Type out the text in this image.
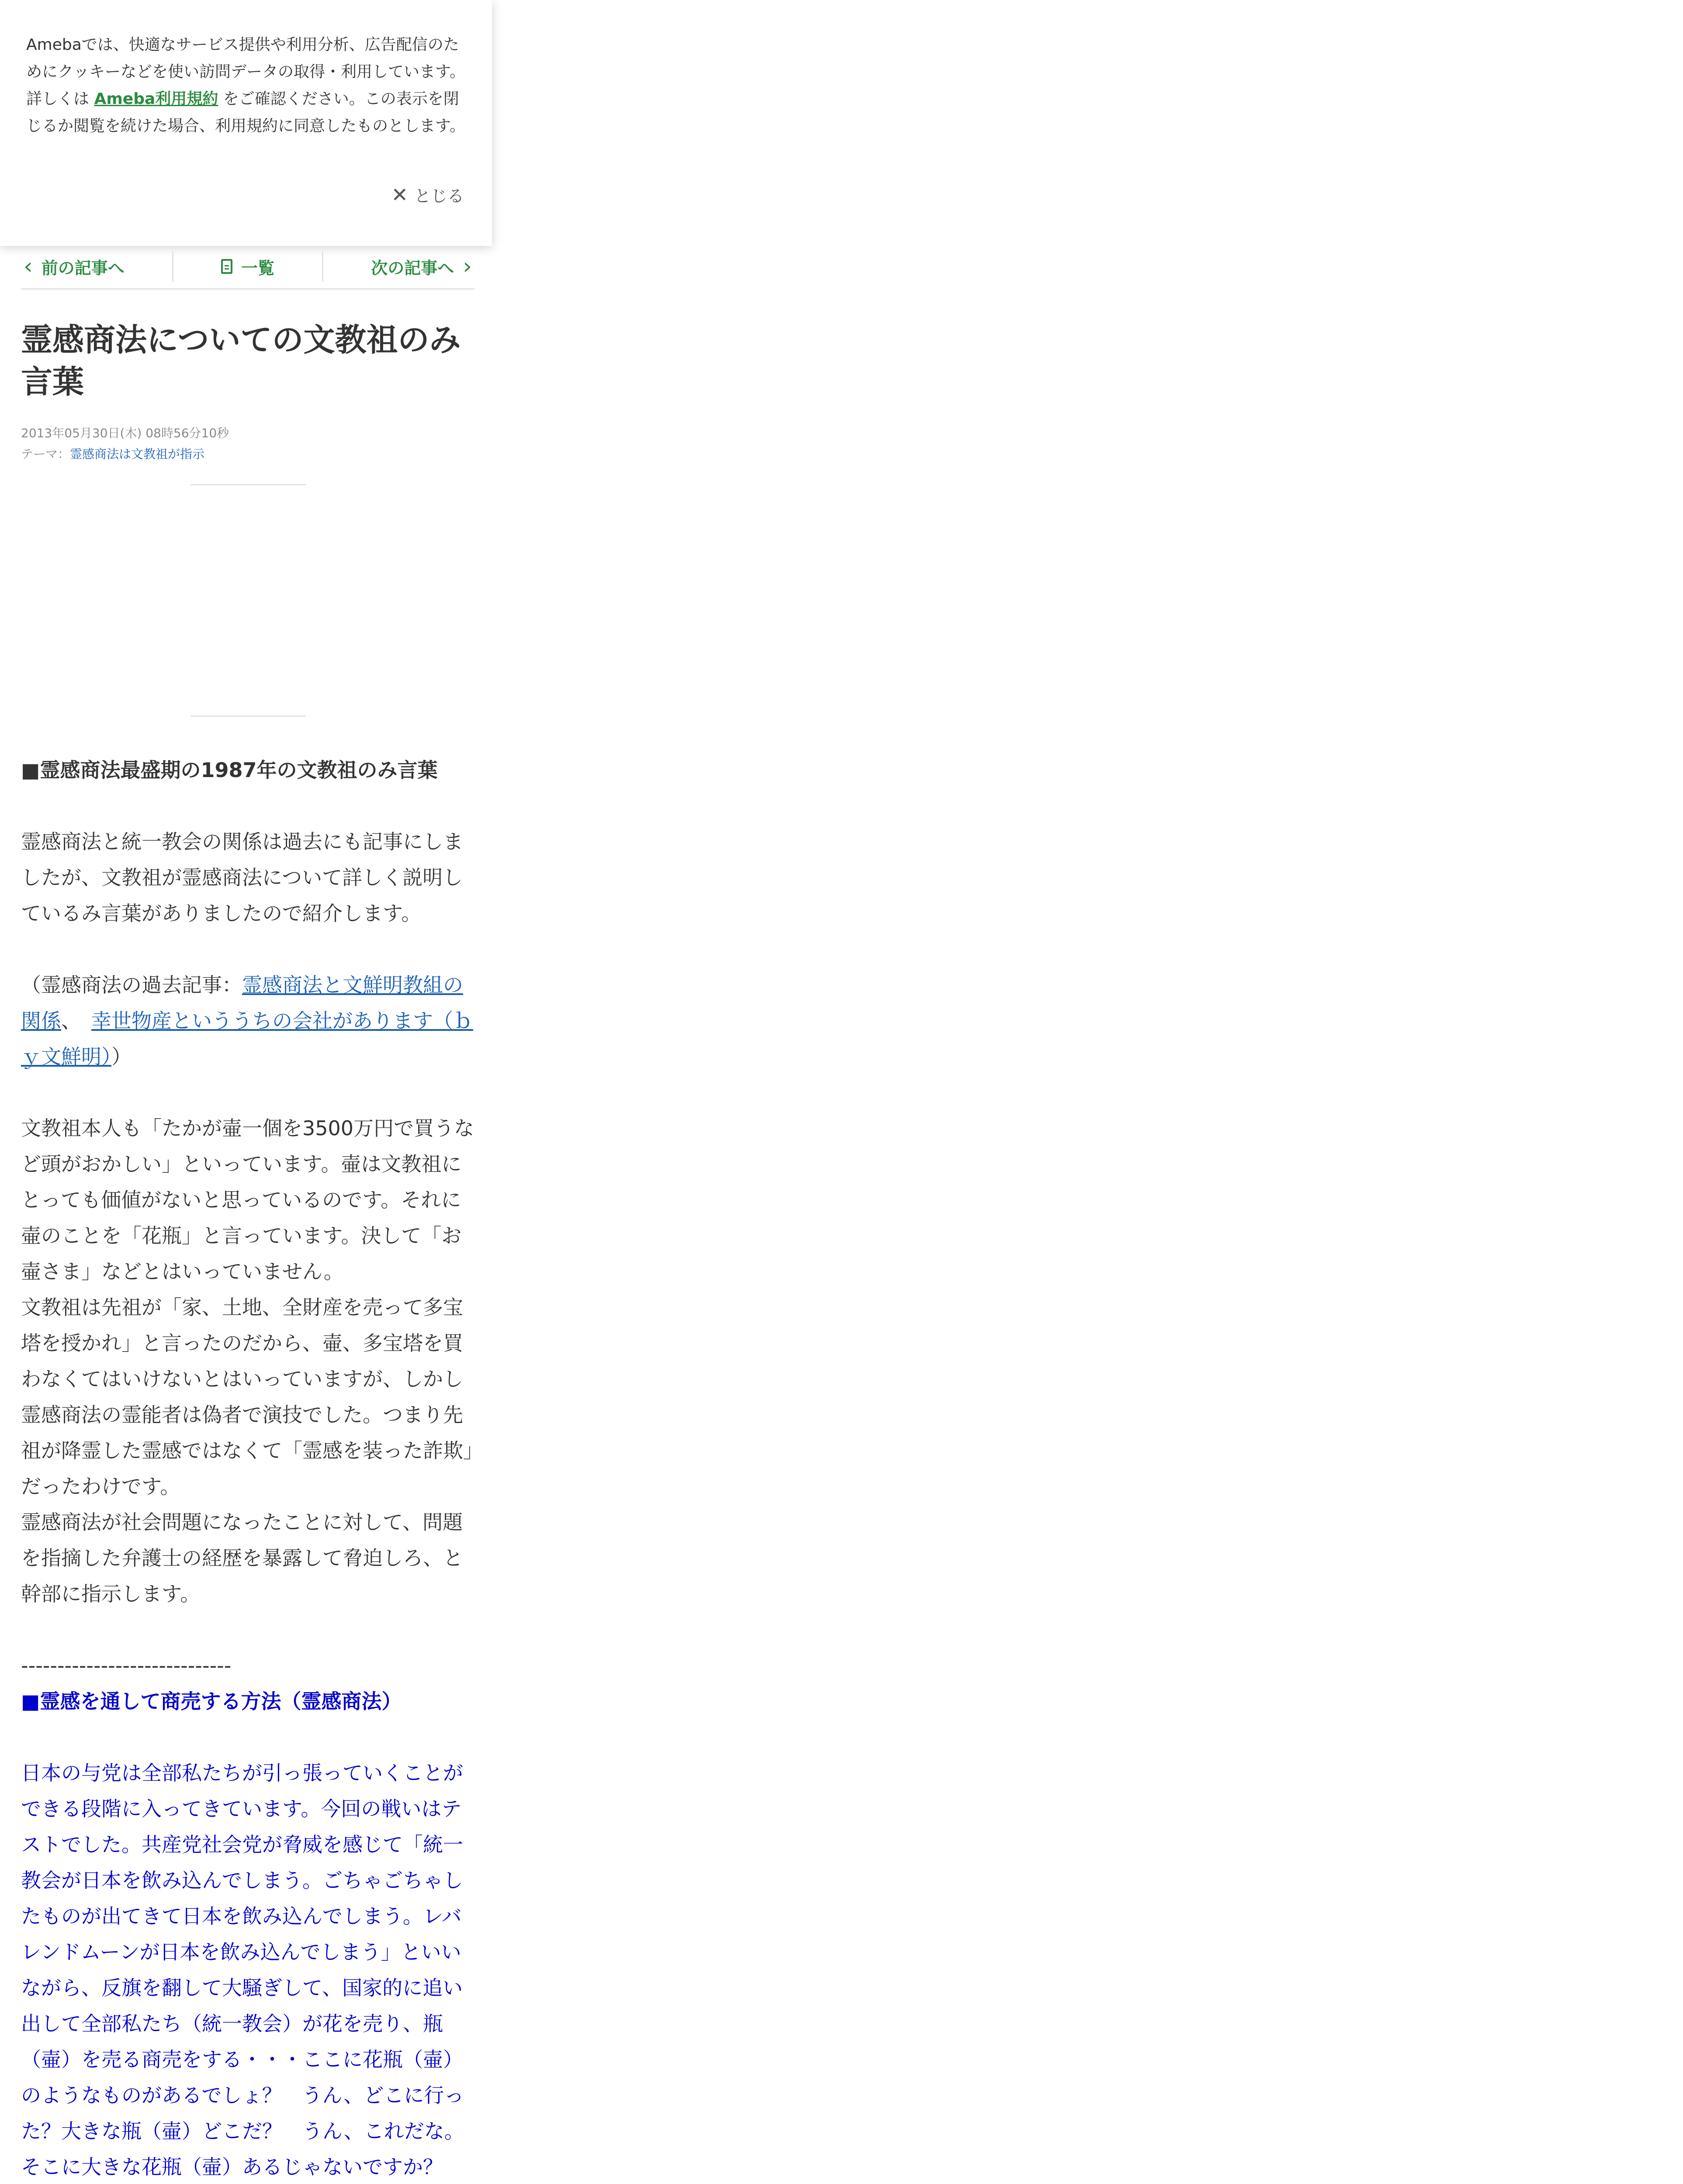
Amebaでは、快適なサービス提供や利用分析、広告配信のためにクッキーなどを使い訪問データの取得・利用しています。詳しくは Ameba利用規約 をご確認ください。この表示を閉じるか閲覧を続けた場合、利用規約に同意したものとします。
✕ とじる
‹ 前の記事へ	一覧	次の記事へ ›
霊感商法についての文教祖のみ言葉
2013年05月30日(木) 08時56分10秒
テーマ：霊感商法は文教祖が指示
■霊感商法最盛期の1987年の文教祖のみ言葉
霊感商法と統一教会の関係は過去にも記事にしましたが、文教祖が霊感商法について詳しく説明しているみ言葉がありましたので紹介します。
（霊感商法の過去記事：霊感商法と文鮮明教組の関係、　幸世物産といううちの会社があります（ｂｙ文鮮明））
文教祖本人も「たかが壷一個を3500万円で買うなど頭がおかしい」といっています。壷は文教祖にとっても価値がないと思っているのです。それに壷のことを「花瓶」と言っています。決して「お壷さま」などとはいっていません。
文教祖は先祖が「家、土地、全財産を売って多宝塔を授かれ」と言ったのだから、壷、多宝塔を買わなくてはいけないとはいっていますが、しかし霊感商法の霊能者は偽者で演技でした。つまり先祖が降霊した霊感ではなくて「霊感を装った詐欺」だったわけです。
霊感商法が社会問題になったことに対して、問題を指摘した弁護士の経歴を暴露して脅迫しろ、と幹部に指示します。
-----------------------------
■霊感を通して商売する方法（霊感商法）
日本の与党は全部私たちが引っ張っていくことができる段階に入ってきています。今回の戦いはテストでした。共産党社会党が脅威を感じて「統一教会が日本を飲み込んでしまう。ごちゃごちゃしたものが出てきて日本を飲み込んでしまう。レバレンドムーンが日本を飲み込んでしまう」といいながら、反旗を翻して大騒ぎして、国家的に追い出して全部私たち（統一教会）が花を売り、瓶（壷）を売る商売をする・・・ここに花瓶（壷）のようなものがあるでしょ？　うん、どこに行った？大きな瓶（壷）どこだ？　うん、これだな。そこに大きな花瓶（壷）あるじゃないですか？　　
